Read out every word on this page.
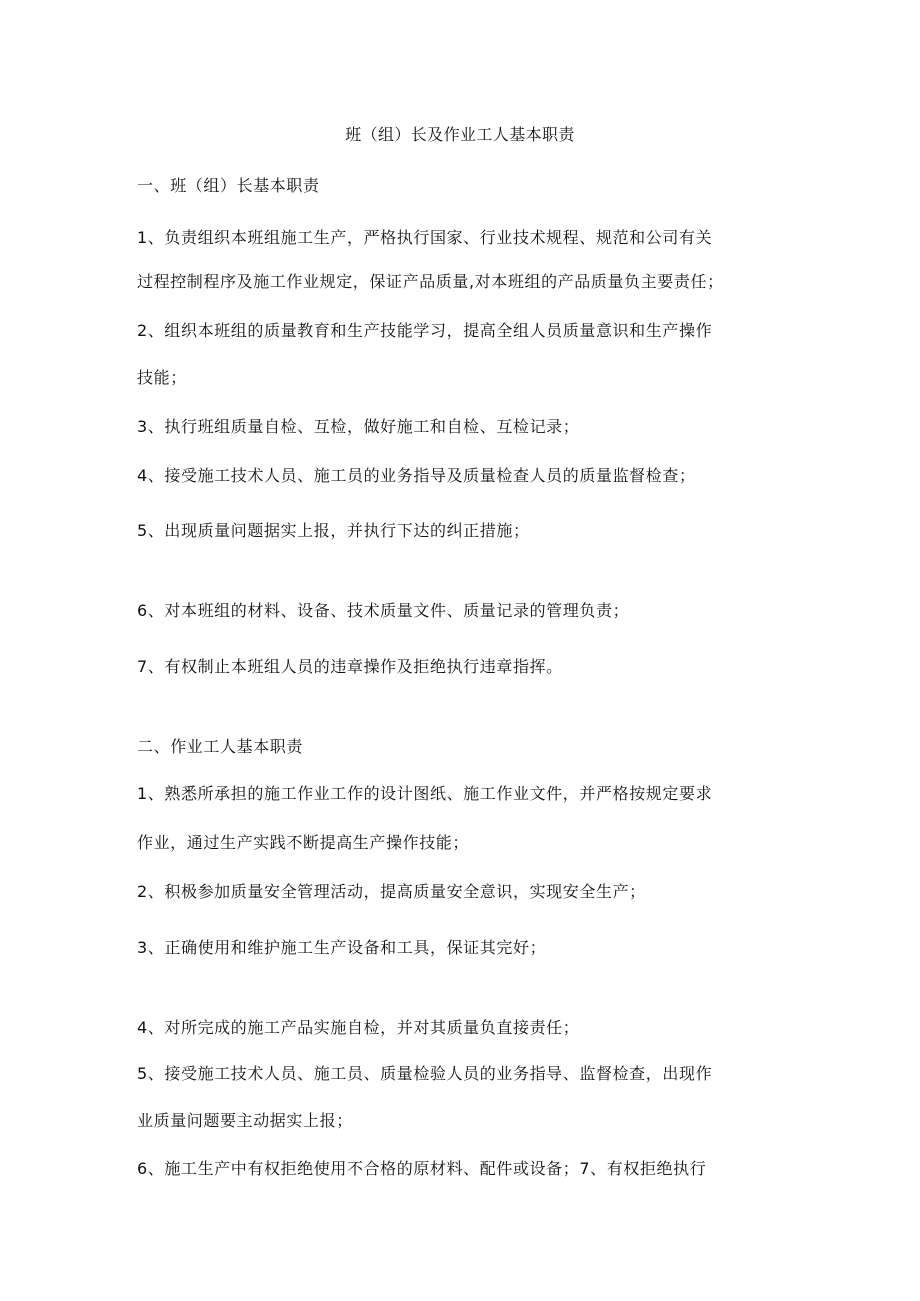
班（组）长及作业工人基本职责
一、班（组）长基本职责
1、负责组织本班组施工生产，严格执行国家、行业技术规程、规范和公司有关
过程控制程序及施工作业规定，保证产品质量,对本班组的产品质量负主要责任；
2、组织本班组的质量教育和生产技能学习，提高全组人员质量意识和生产操作
技能；
3、执行班组质量自检、互检，做好施工和自检、互检记录；
4、接受施工技术人员、施工员的业务指导及质量检查人员的质量监督检查；
5、出现质量问题据实上报，并执行下达的纠正措施；
6、对本班组的材料、设备、技术质量文件、质量记录的管理负责；
7、有权制止本班组人员的违章操作及拒绝执行违章指挥。
二、作业工人基本职责
1、熟悉所承担的施工作业工作的设计图纸、施工作业文件，并严格按规定要求
作业，通过生产实践不断提高生产操作技能；
2、积极参加质量安全管理活动，提高质量安全意识，实现安全生产；
3、正确使用和维护施工生产设备和工具，保证其完好；
4、对所完成的施工产品实施自检，并对其质量负直接责任；
5、接受施工技术人员、施工员、质量检验人员的业务指导、监督检查，出现作
业质量问题要主动据实上报；
6、施工生产中有权拒绝使用不合格的原材料、配件或设备；7、有权拒绝执行
